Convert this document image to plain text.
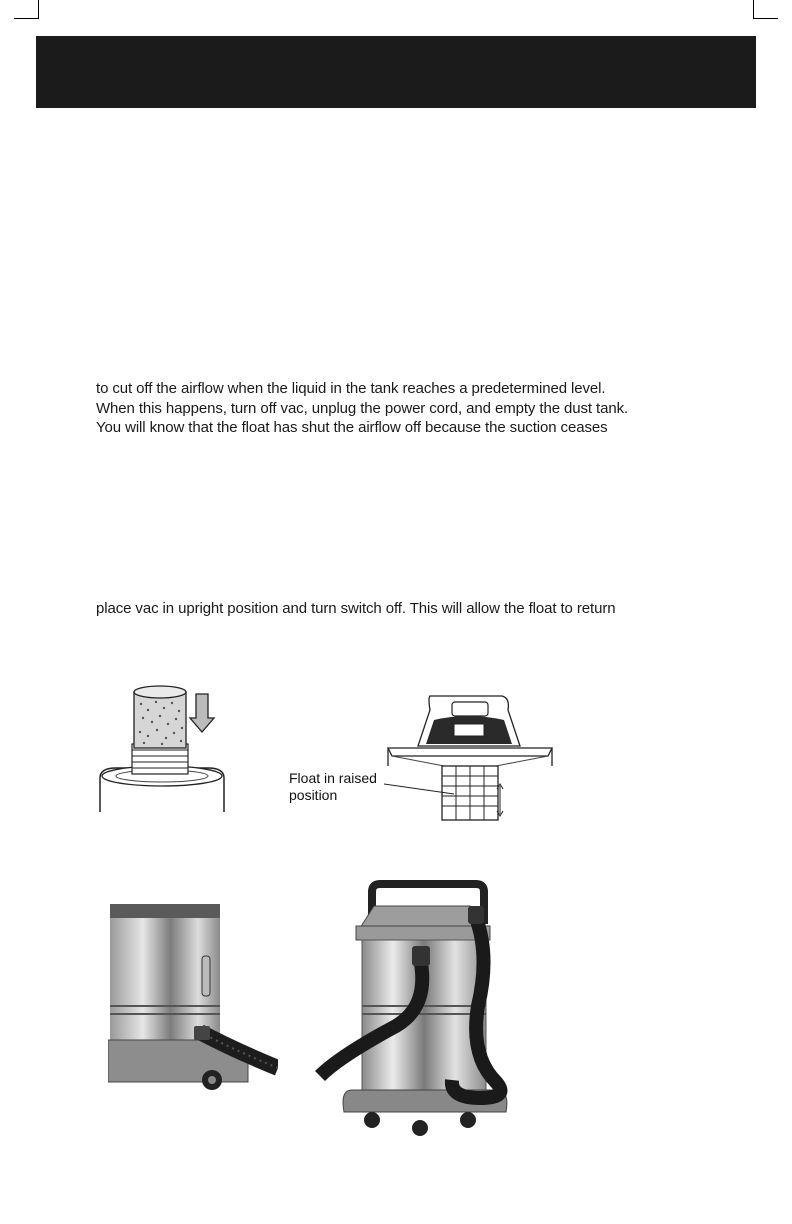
to cut off the airflow when the liquid in the tank reaches a predetermined level.
When this happens, turn off vac, unplug the power cord, and empty the dust tank.
You will know that the float has shut the airflow off because the suction ceases
place vac in upright position and turn switch off. This will allow the float to return
Float in raised
position
